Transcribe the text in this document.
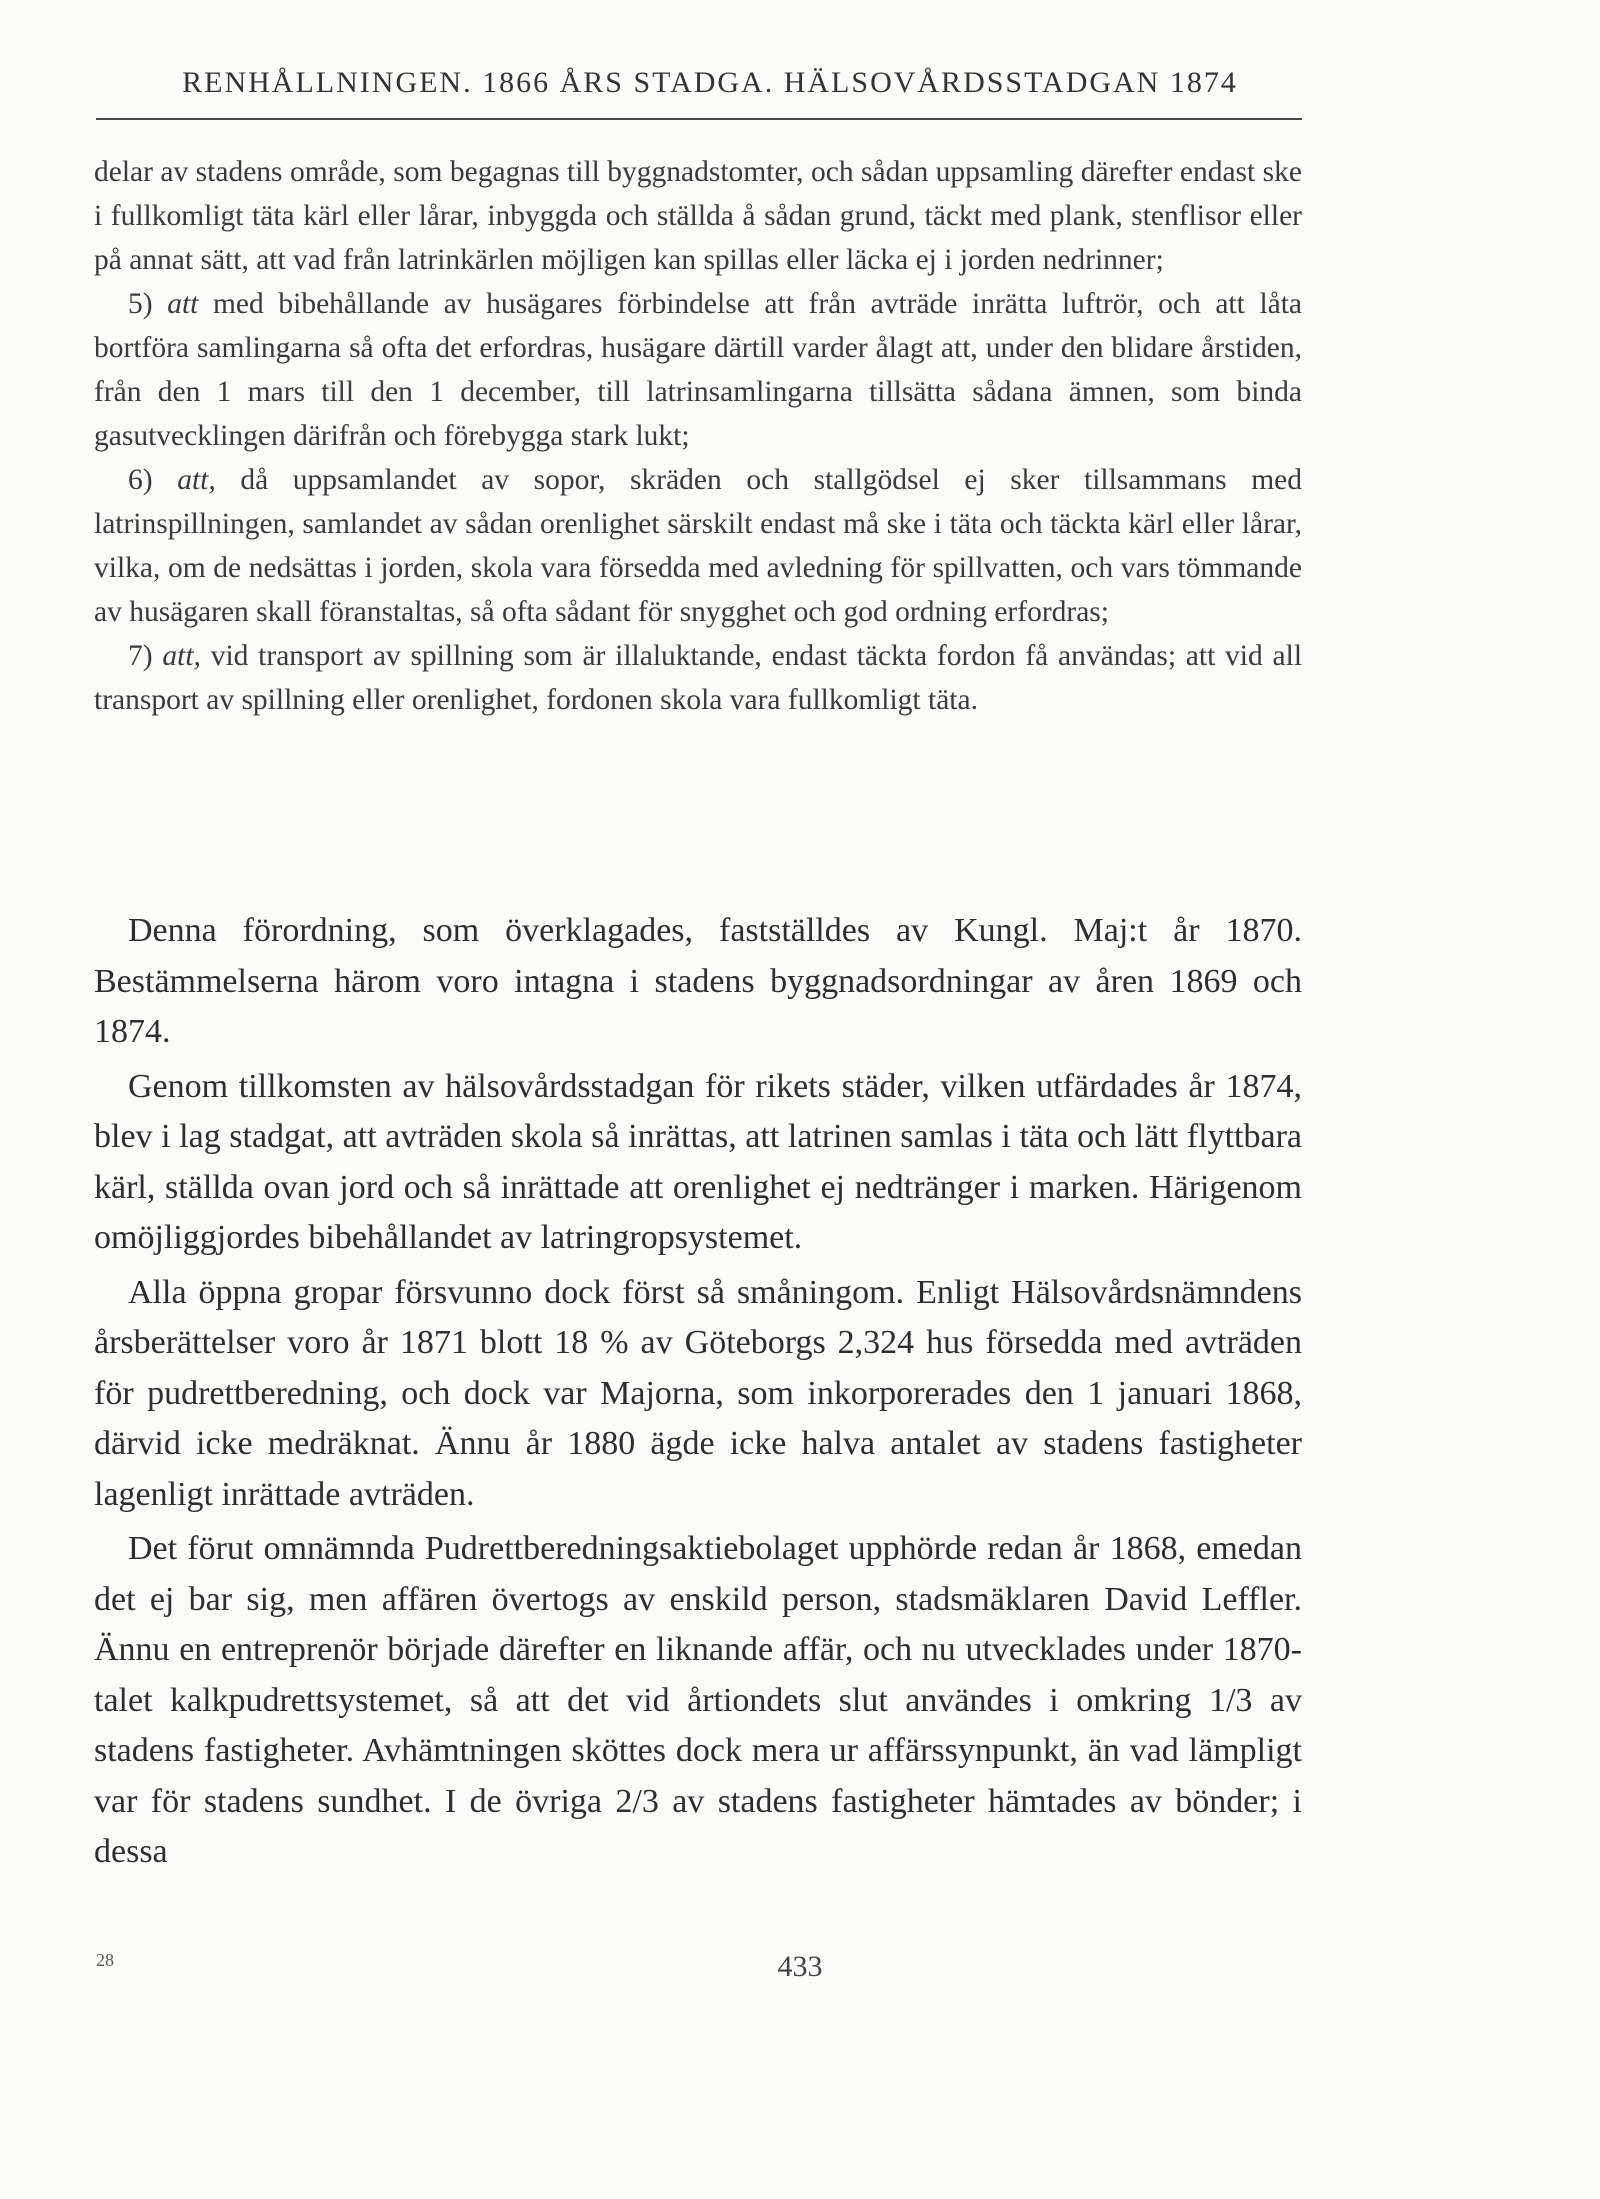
RENHÅLLNINGEN. 1866 ÅRS STADGA. HÄLSOVÅRDSSTADGAN 1874

delar av stadens område, som begagnas till byggnadstomter, och sådan uppsamling därefter endast ske i fullkomligt täta kärl eller lårar, inbyggda och ställda å sådan grund, täckt med plank, stenflisor eller på annat sätt, att vad från latrinkärlen möjligen kan spillas eller läcka ej i jorden nedrinner;

5) att med bibehållande av husägares förbindelse att från avträde inrätta luftrör, och att låta bortföra samlingarna så ofta det erfordras, husägare därtill varder ålagt att, under den blidare årstiden, från den 1 mars till den 1 december, till latrinsamlingarna tillsätta sådana ämnen, som binda gasutvecklingen därifrån och förebygga stark lukt;

6) att, då uppsamlandet av sopor, skräden och stallgödsel ej sker tillsammans med latrinspillningen, samlandet av sådan orenlighet särskilt endast må ske i täta och täckta kärl eller lårar, vilka, om de nedsättas i jorden, skola vara försedda med avledning för spillvatten, och vars tömmande av husägaren skall föranstaltas, så ofta sådant för snygghet och god ordning erfordras;

7) att, vid transport av spillning som är illaluktande, endast täckta fordon få användas; att vid all transport av spillning eller orenlighet, fordonen skola vara fullkomligt täta.

Denna förordning, som överklagades, fastställdes av Kungl. Maj:t år 1870. Bestämmelserna härom voro intagna i stadens byggnadsordningar av åren 1869 och 1874.

Genom tillkomsten av hälsovårdsstadgan för rikets städer, vilken utfärdades år 1874, blev i lag stadgat, att avträden skola så inrättas, att latrinen samlas i täta och lätt flyttbara kärl, ställda ovan jord och så inrättade att orenlighet ej nedtränger i marken. Härigenom omöjliggjordes bibehållandet av latringropsystemet.

Alla öppna gropar försvunno dock först så småningom. Enligt Hälsovårdsnämndens årsberättelser voro år 1871 blott 18 % av Göteborgs 2,324 hus försedda med avträden för pudrettberedning, och dock var Majorna, som inkorporerades den 1 januari 1868, därvid icke medräknat. Ännu år 1880 ägde icke halva antalet av stadens fastigheter lagenligt inrättade avträden.

Det förut omnämnda Pudrettberedningsaktiebolaget upphörde redan år 1868, emedan det ej bar sig, men affären övertogs av enskild person, stadsmäklaren David Leffler. Ännu en entreprenör började därefter en liknande affär, och nu utvecklades under 1870-talet kalkpudrettsystemet, så att det vid årtiondets slut användes i omkring 1/3 av stadens fastigheter. Avhämtningen sköttes dock mera ur affärssynpunkt, än vad lämpligt var för stadens sundhet. I de övriga 2/3 av stadens fastigheter hämtades av bönder; i dessa

28	433
